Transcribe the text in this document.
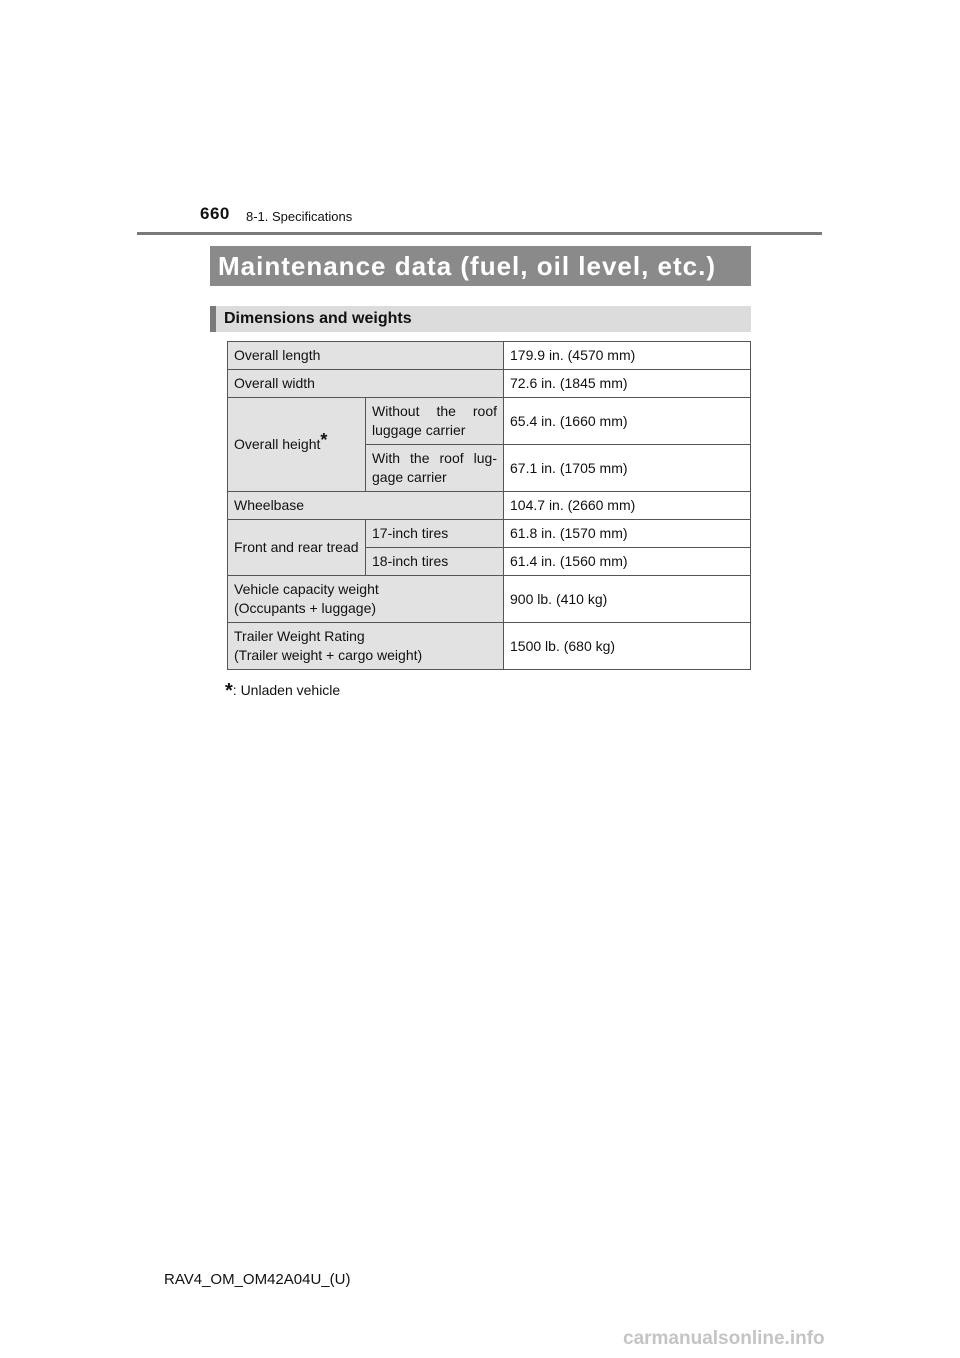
660 8-1. Specifications
Maintenance data (fuel, oil level, etc.)
Dimensions and weights
Overall length		179.9 in. (4570 mm)
Overall width		72.6 in. (1845 mm)
Overall height*	Without the roof luggage carrier	65.4 in. (1660 mm)
	With the roof lug-gage carrier	67.1 in. (1705 mm)
Wheelbase		104.7 in. (2660 mm)
Front and rear tread	17-inch tires	61.8 in. (1570 mm)
	18-inch tires	61.4 in. (1560 mm)
Vehicle capacity weight
(Occupants + luggage)		900 lb. (410 kg)
Trailer Weight Rating
(Trailer weight + cargo weight)		1500 lb. (680 kg)
*: Unladen vehicle
RAV4_OM_OM42A04U_(U)
carmanualsonline.info
